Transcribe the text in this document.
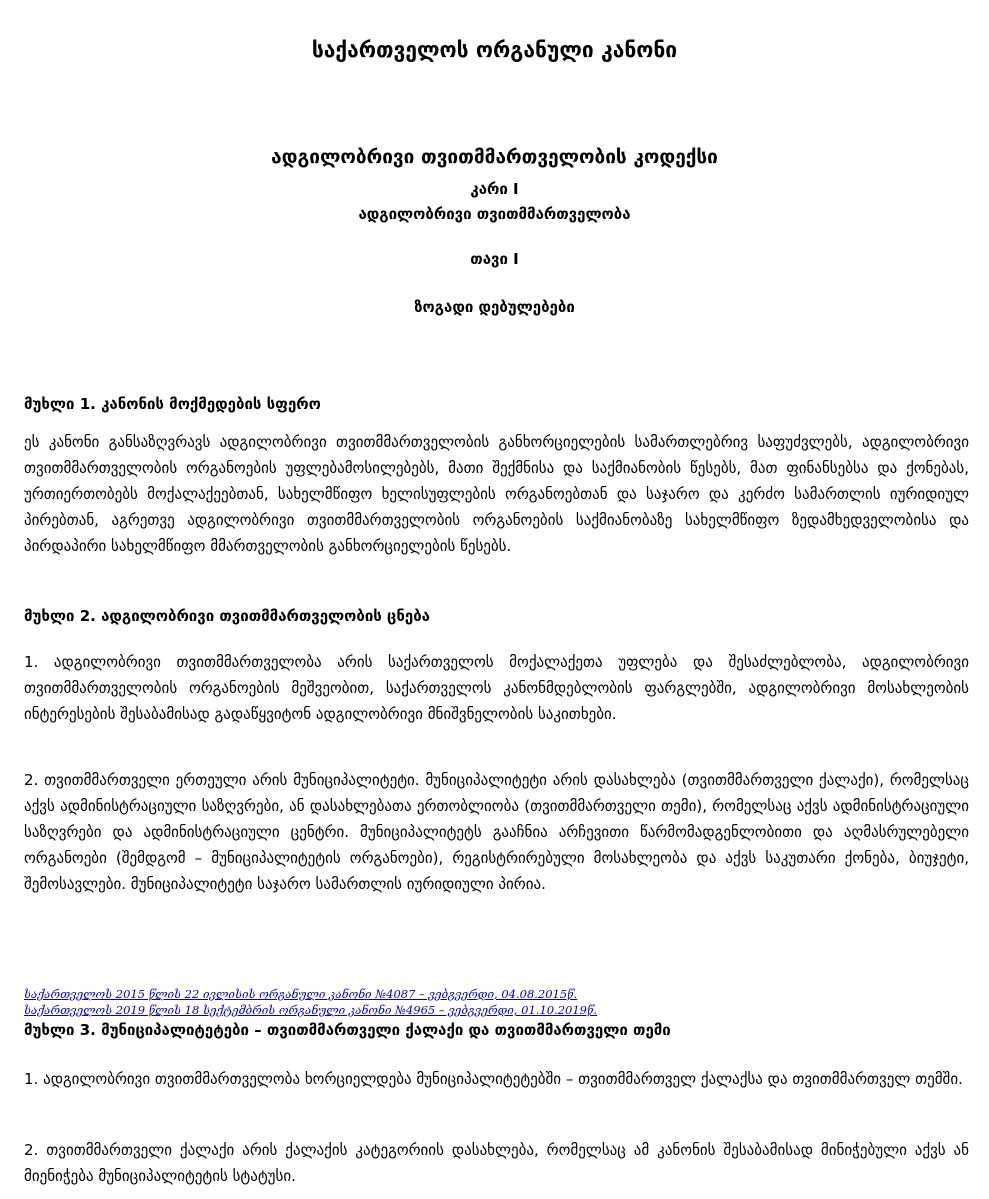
საქართველოს ორგანული კანონი
ადგილობრივი თვითმმართველობის კოდექსი
კარი I
ადგილობრივი თვითმმართველობა
თავი I
ზოგადი დებულებები
მუხლი 1. კანონის მოქმედების სფერო

ეს კანონი განსაზღვრავს ადგილობრივი თვითმმართველობის განხორციელების სამართლებრივ საფუძვლებს, ადგილობრივი თვითმმართველობის ორგანოების უფლებამოსილებებს, მათი შექმნისა და საქმიანობის წესებს, მათ ფინანსებსა და ქონებას, ურთიერთობებს მოქალაქეებთან, სახელმწიფო ხელისუფლების ორგანოებთან და საჯარო და კერძო სამართლის იურიდიულ პირებთან, აგრეთვე ადგილობრივი თვითმმართველობის ორგანოების საქმიანობაზე სახელმწიფო ზედამხედველობისა და პირდაპირი სახელმწიფო მმართველობის განხორციელების წესებს.

მუხლი 2. ადგილობრივი თვითმმართველობის ცნება

1. ადგილობრივი თვითმმართველობა არის საქართველოს მოქალაქეთა უფლება და შესაძლებლობა, ადგილობრივი თვითმმართველობის ორგანოების მეშვეობით, საქართველოს კანონმდებლობის ფარგლებში, ადგილობრივი მოსახლეობის ინტერესების შესაბამისად გადაწყვიტონ ადგილობრივი მნიშვნელობის საკითხები.

2. თვითმმართველი ერთეული არის მუნიციპალიტეტი. მუნიციპალიტეტი არის დასახლება (თვითმმართველი ქალაქი), რომელსაც აქვს ადმინისტრაციული საზღვრები, ან დასახლებათა ერთობლიობა (თვითმმართველი თემი), რომელსაც აქვს ადმინისტრაციული საზღვრები და ადმინისტრაციული ცენტრი. მუნიციპალიტეტს გააჩნია არჩევითი წარმომადგენლობითი და აღმასრულებელი ორგანოები (შემდგომ – მუნიციპალიტეტის ორგანოები), რეგისტრირებული მოსახლეობა და აქვს საკუთარი ქონება, ბიუჯეტი, შემოსავლები. მუნიციპალიტეტი საჯარო სამართლის იურიდიული პირია.

საქართველოს 2015 წლის 22 ივლისის ორგანული კანონი №4087 – ვებგვერდი, 04.08.2015წ.
საქართველოს 2019 წლის 18 სექტემბრის ორგანული კანონი №4965 – ვებგვერდი, 01.10.2019წ.
მუხლი 3. მუნიციპალიტეტები – თვითმმართველი ქალაქი და თვითმმართველი თემი

1. ადგილობრივი თვითმმართველობა ხორციელდება მუნიციპალიტეტებში – თვითმმართველ ქალაქსა და თვითმმართველ თემში.

2. თვითმმართველი ქალაქი არის ქალაქის კატეგორიის დასახლება, რომელსაც ამ კანონის შესაბამისად მინიჭებული აქვს ან მიენიჭება მუნიციპალიტეტის სტატუსი.
